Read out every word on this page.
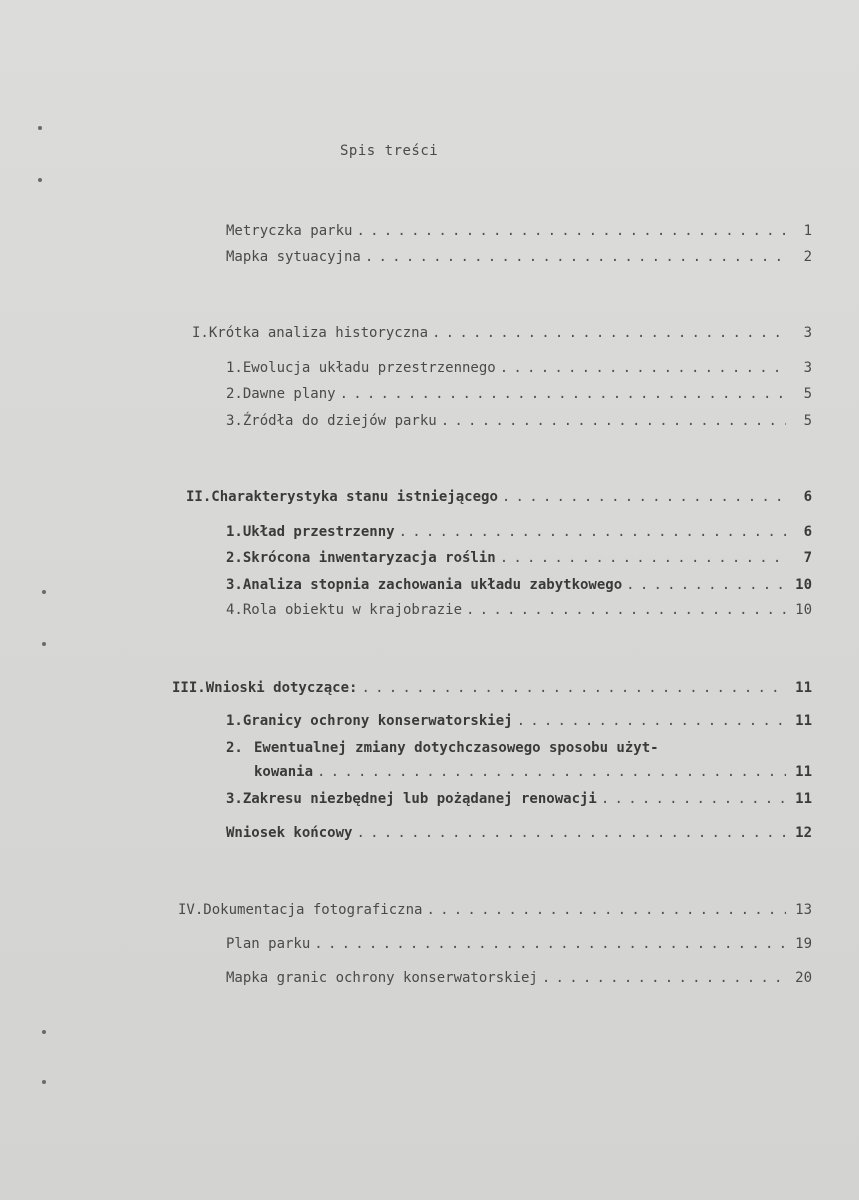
Spis treści
Metryczka parku . . .	1
Mapka sytuacyjna . . .	2
I. Krótka analiza historyczna . . .	3
1. Ewolucja układu przestrzennego . . .	3
2. Dawne plany . . .	5
3. Źródła do dziejów parku . . .	5
II. Charakterystyka stanu istniejącego . . .	6
1. Układ przestrzenny . . .	6
2. Skrócona inwentaryzacja roślin . . .	7
3. Analiza stopnia zachowania układu zabytkowego . . .	10
4. Rola obiektu w krajobrazie . . .	10
III. Wnioski dotyczące: . . .	11
1. Granicy ochrony konserwatorskiej . . .	11
2. Ewentualnej zmiany dotychczasowego sposobu użyt-
kowania . . .	11
3. Zakresu niezbędnej lub pożądanej renowacji . . .	11
Wniosek końcowy . . .	12
IV. Dokumentacja fotograficzna . . .	13
Plan parku . . .	19
Mapka granic ochrony konserwatorskiej . . .	20
